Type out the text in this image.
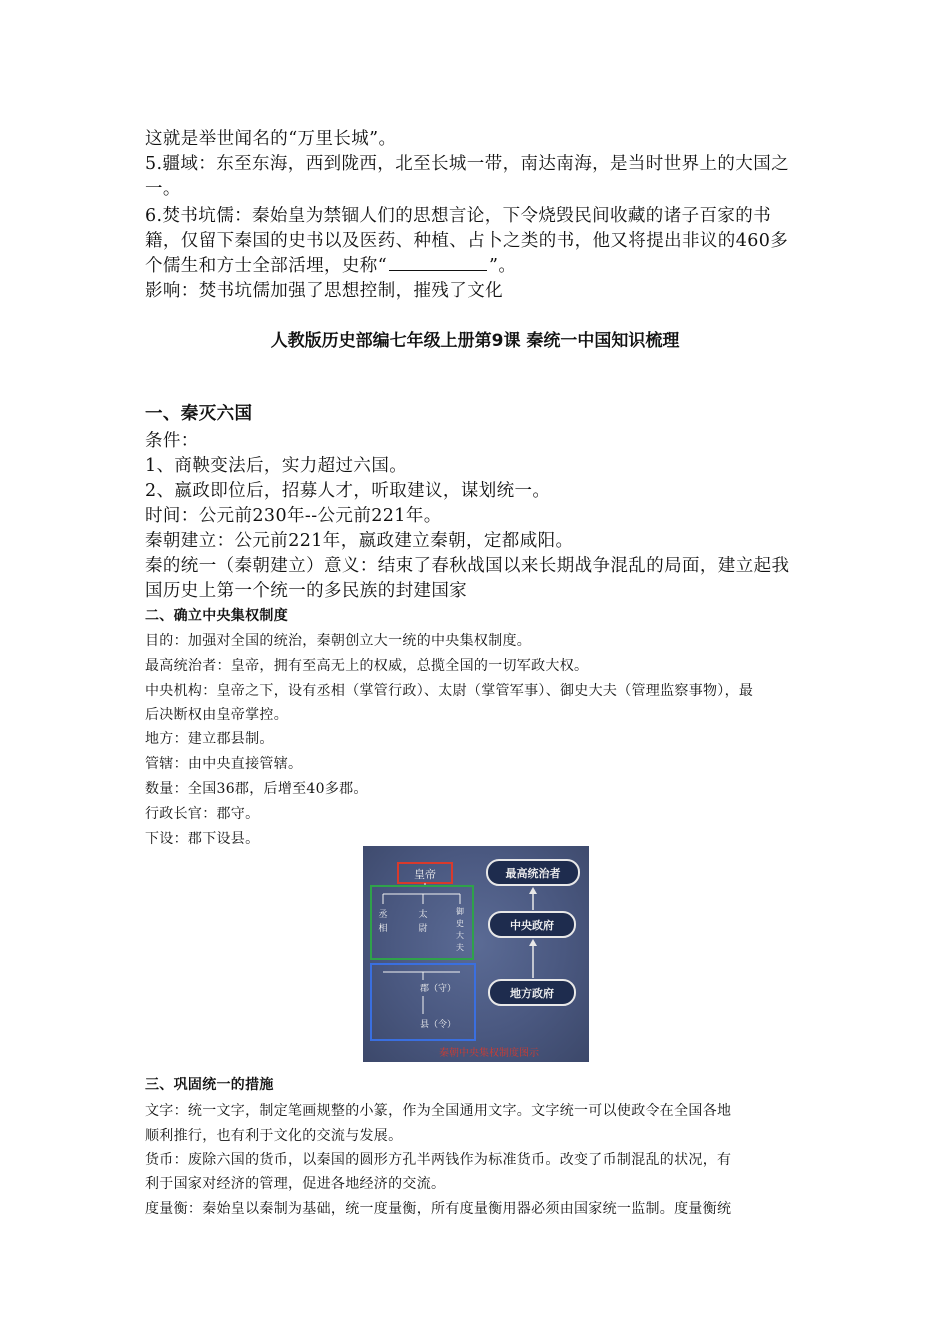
这就是举世闻名的“万里长城”。
5.疆域：东至东海，西到陇西，北至长城一带，南达南海，是当时世界上的大国之
一。
6.焚书坑儒：秦始皇为禁锢人们的思想言论，下令烧毁民间收藏的诸子百家的书
籍，仅留下秦国的史书以及医药、种植、占卜之类的书，他又将提出非议的460多
个儒生和方士全部活埋，史称“	”。
影响：焚书坑儒加强了思想控制，摧残了文化
人教版历史部编七年级上册第9课 秦统一中国知识梳理
一、秦灭六国
条件：
1、商鞅变法后，实力超过六国。
2、嬴政即位后，招募人才，听取建议，谋划统一。
时间：公元前230年--公元前221年。
秦朝建立：公元前221年，嬴政建立秦朝，定都咸阳。
秦的统一（秦朝建立）意义：结束了春秋战国以来长期战争混乱的局面，建立起我
国历史上第一个统一的多民族的封建国家
二、确立中央集权制度
目的：加强对全国的统治，秦朝创立大一统的中央集权制度。
最高统治者：皇帝，拥有至高无上的权威，总揽全国的一切军政大权。
中央机构：皇帝之下，设有丞相（掌管行政）、太尉（掌管军事）、御史大夫（管理监察事物），最
后决断权由皇帝掌控。
地方：建立郡县制。
管辖：由中央直接管辖。
数量：全国36郡，后增至40多郡。
行政长官：郡守。
下设：郡下设县。
皇帝
丞
相
太
尉
御
史
大
夫
郡（守）
县（令）
最高统治者
中央政府
地方政府
秦朝中央集权制度图示
三、巩固统一的措施
文字：统一文字，制定笔画规整的小篆，作为全国通用文字。文字统一可以使政令在全国各地
顺利推行，也有利于文化的交流与发展。
货币：废除六国的货币，以秦国的圆形方孔半两钱作为标准货币。改变了币制混乱的状况，有
利于国家对经济的管理，促进各地经济的交流。
度量衡：秦始皇以秦制为基础，统一度量衡，所有度量衡用器必须由国家统一监制。度量衡统
